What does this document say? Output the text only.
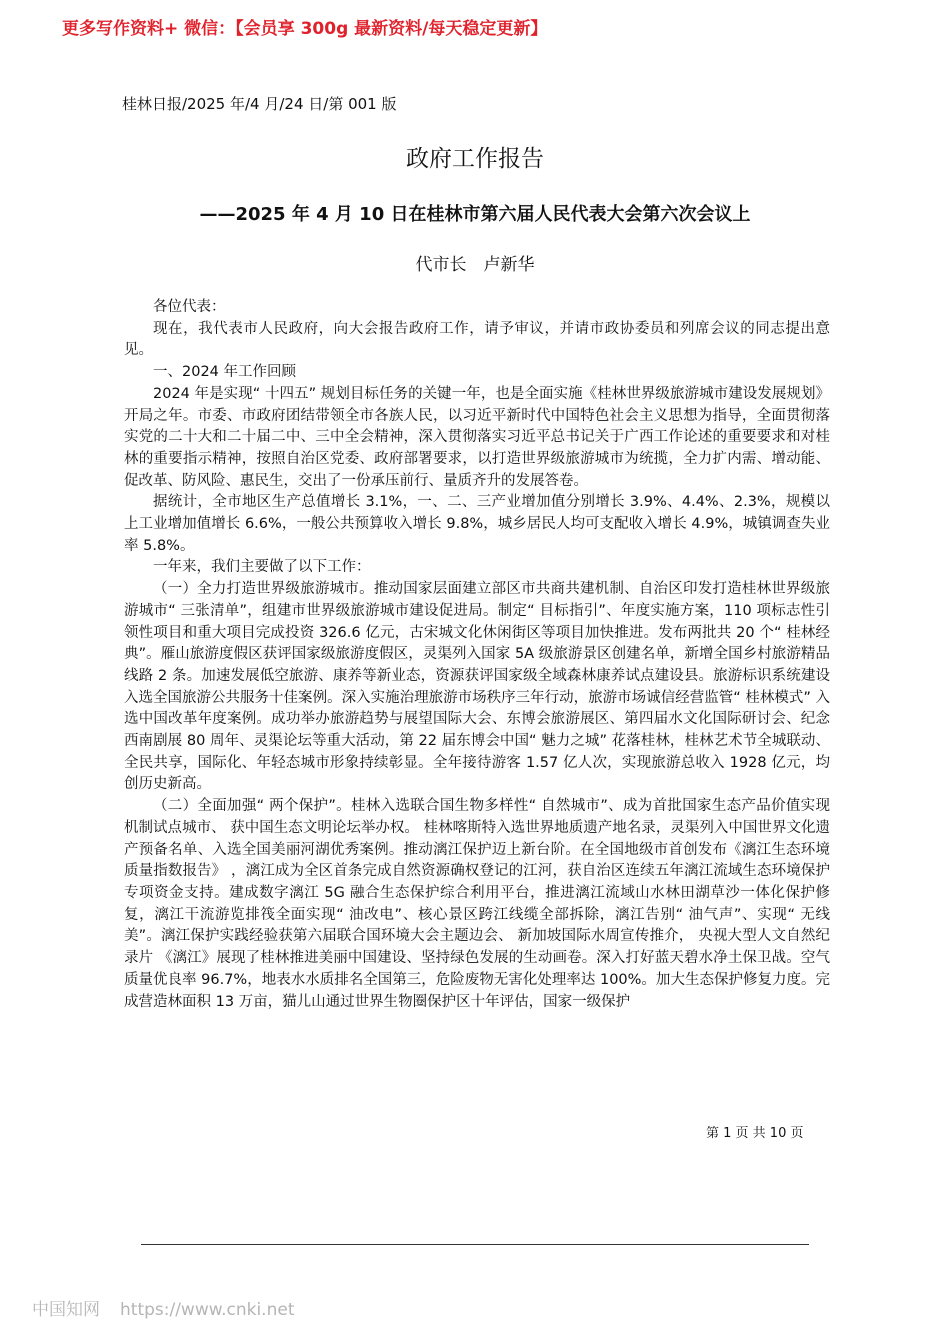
更多写作资料+ 微信：【会员享 300g 最新资料/每天稳定更新】
桂林日报/2025 年/4 月/24 日/第 001 版
政府工作报告
——2025 年 4 月 10 日在桂林市第六届人民代表大会第六次会议上
代市长　卢新华

各位代表：

现在，我代表市人民政府，向大会报告政府工作，请予审议，并请市政协委员和列席会议的同志提出意见。

一、2024 年工作回顾

2024 年是实现“ 十四五” 规划目标任务的关键一年，也是全面实施《桂林世界级旅游城市建设发展规划》开局之年。市委、市政府团结带领全市各族人民，以习近平新时代中国特色社会主义思想为指导，全面贯彻落实党的二十大和二十届二中、三中全会精神，深入贯彻落实习近平总书记关于广西工作论述的重要要求和对桂林的重要指示精神，按照自治区党委、政府部署要求，以打造世界级旅游城市为统揽，全力扩内需、增动能、促改革、防风险、惠民生，交出了一份承压前行、量质齐升的发展答卷。

据统计，全市地区生产总值增长 3.1%，一、二、三产业增加值分别增长 3.9%、4.4%、2.3%，规模以上工业增加值增长 6.6%，一般公共预算收入增长 9.8%，城乡居民人均可支配收入增长 4.9%，城镇调查失业率 5.8%。

一年来，我们主要做了以下工作：

（一）全力打造世界级旅游城市。推动国家层面建立部区市共商共建机制、自治区印发打造桂林世界级旅游城市“ 三张清单”，组建市世界级旅游城市建设促进局。制定“ 目标指引”、年度实施方案，110 项标志性引领性项目和重大项目完成投资 326.6 亿元，古宋城文化休闲街区等项目加快推进。发布两批共 20 个“ 桂林经典”。雁山旅游度假区获评国家级旅游度假区，灵渠列入国家 5A 级旅游景区创建名单，新增全国乡村旅游精品线路 2 条。加速发展低空旅游、康养等新业态，资源获评国家级全域森林康养试点建设县。旅游标识系统建设入选全国旅游公共服务十佳案例。深入实施治理旅游市场秩序三年行动，旅游市场诚信经营监管“ 桂林模式” 入选中国改革年度案例。成功举办旅游趋势与展望国际大会、东博会旅游展区、第四届水文化国际研讨会、纪念西南剧展 80 周年、灵渠论坛等重大活动，第 22 届东博会中国“ 魅力之城” 花落桂林，桂林艺术节全城联动、全民共享，国际化、年轻态城市形象持续彰显。全年接待游客 1.57 亿人次，实现旅游总收入 1928 亿元，均创历史新高。

（二）全面加强“ 两个保护”。桂林入选联合国生物多样性“ 自然城市”、成为首批国家生态产品价值实现机制试点城市、 获中国生态文明论坛举办权。 桂林喀斯特入选世界地质遗产地名录，灵渠列入中国世界文化遗产预备名单、入选全国美丽河湖优秀案例。推动漓江保护迈上新台阶。在全国地级市首创发布《漓江生态环境质量指数报告》 ，漓江成为全区首条完成自然资源确权登记的江河，获自治区连续五年漓江流域生态环境保护专项资金支持。建成数字漓江 5G 融合生态保护综合利用平台，推进漓江流域山水林田湖草沙一体化保护修复，漓江干流游览排筏全面实现“ 油改电”、核心景区跨江线缆全部拆除，漓江告别“ 油气声”、实现“ 无线美”。漓江保护实践经验获第六届联合国环境大会主题边会、 新加坡国际水周宣传推介， 央视大型人文自然纪录片 《漓江》展现了桂林推进美丽中国建设、坚持绿色发展的生动画卷。深入打好蓝天碧水净土保卫战。空气质量优良率 96.7%，地表水水质排名全国第三，危险废物无害化处理率达 100%。加大生态保护修复力度。完成营造林面积 13 万亩，猫儿山通过世界生物圈保护区十年评估，国家一级保护

第 1 页 共 10 页
中国知网 https://www.cnki.net
